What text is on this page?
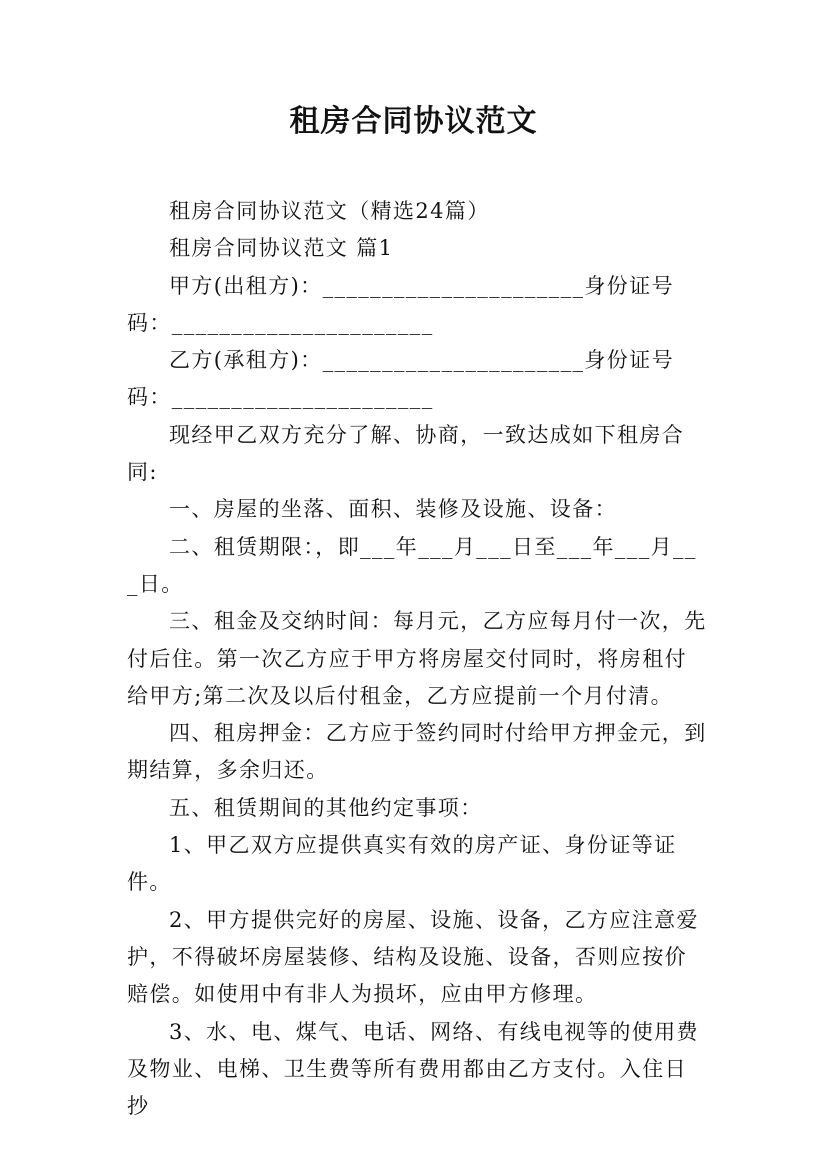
租房合同协议范文

租房合同协议范文（精选24篇）

租房合同协议范文 篇1

甲方(出租方)：______________________身份证号码：______________________

乙方(承租方)：______________________身份证号码：______________________

现经甲乙双方充分了解、协商，一致达成如下租房合同:

一、房屋的坐落、面积、装修及设施、设备：

二、租赁期限：，即___年___月___日至___年___月___日。

三、租金及交纳时间：每月元，乙方应每月付一次，先付后住。第一次乙方应于甲方将房屋交付同时，将房租付给甲方;第二次及以后付租金，乙方应提前一个月付清。

四、租房押金：乙方应于签约同时付给甲方押金元，到期结算，多余归还。

五、租赁期间的其他约定事项：

1、甲乙双方应提供真实有效的房产证、身份证等证件。

2、甲方提供完好的房屋、设施、设备，乙方应注意爱护，不得破坏房屋装修、结构及设施、设备，否则应按价赔偿。如使用中有非人为损坏，应由甲方修理。

3、水、电、煤气、电话、网络、有线电视等的使用费及物业、电梯、卫生费等所有费用都由乙方支付。入住日抄
